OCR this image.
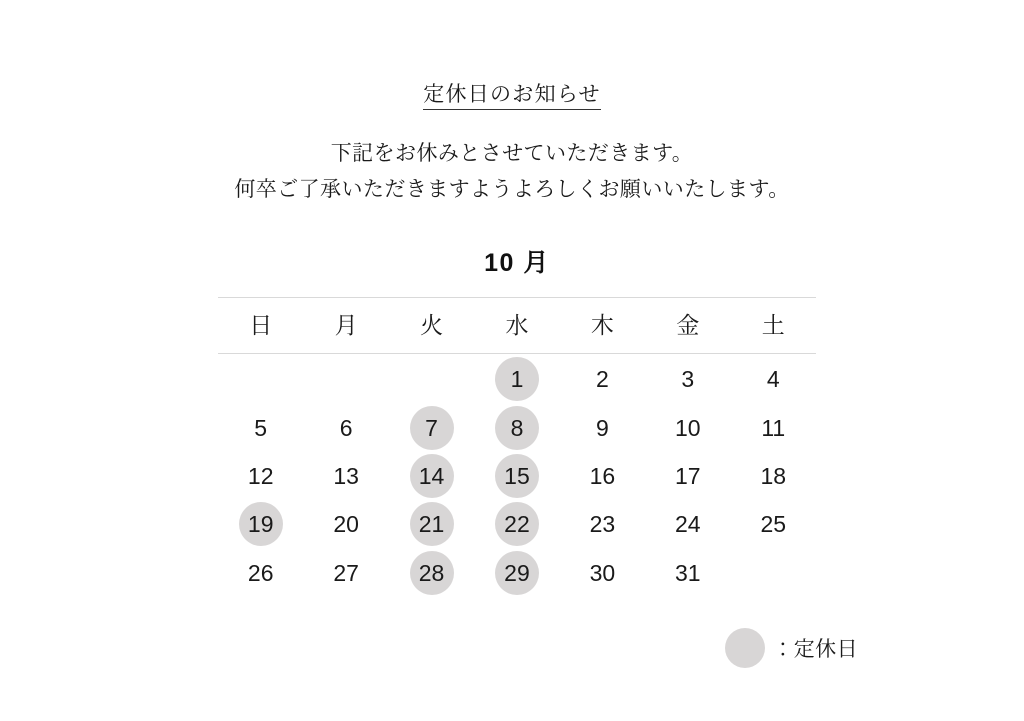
定休日のお知らせ
下記をお休みとさせていただきます。
何卒ご了承いただきますようよろしくお願いいたします。
10 月
日	月	火	水	木	金	土
			1	2	3	4
5	6	7	8	9	10	11
12	13	14	15	16	17	18
19	20	21	22	23	24	25
26	27	28	29	30	31	
：定休日
